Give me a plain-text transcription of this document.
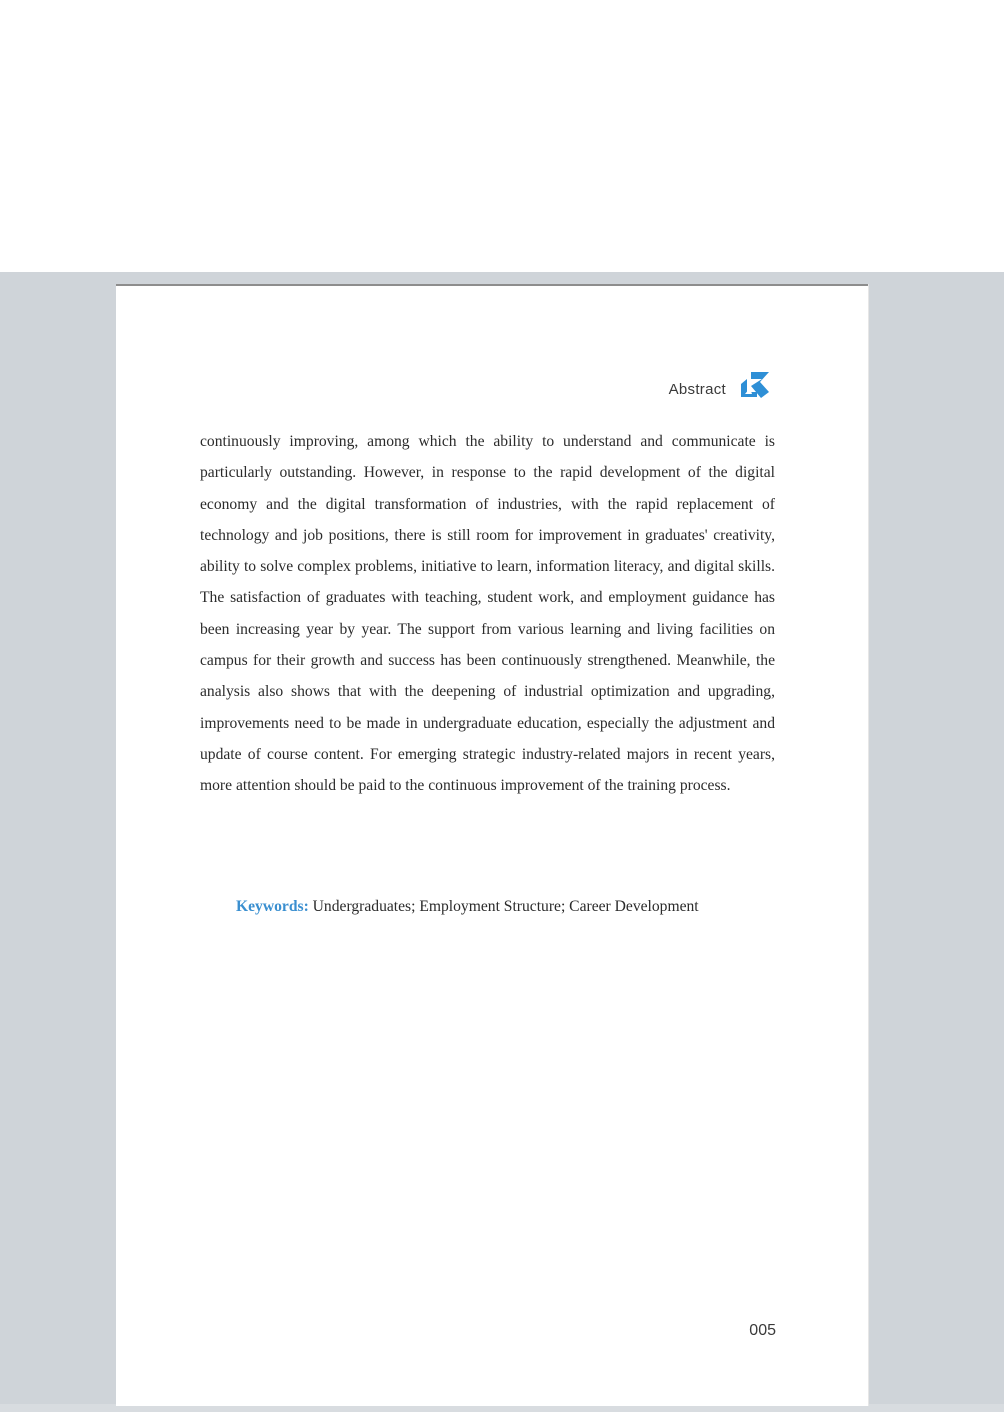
Abstract

continuously improving, among which the ability to understand and communicate is particularly outstanding. However, in response to the rapid development of the digital economy and the digital transformation of industries, with the rapid replacement of technology and job positions, there is still room for improvement in graduates' creativity, ability to solve complex problems, initiative to learn, information literacy, and digital skills. The satisfaction of graduates with teaching, student work, and employment guidance has been increasing year by year. The support from various learning and living facilities on campus for their growth and success has been continuously strengthened. Meanwhile, the analysis also shows that with the deepening of industrial optimization and upgrading, improvements need to be made in undergraduate education, especially the adjustment and update of course content. For emerging strategic industry-related majors in recent years, more attention should be paid to the continuous improvement of the training process.

Keywords: Undergraduates; Employment Structure; Career Development

005
